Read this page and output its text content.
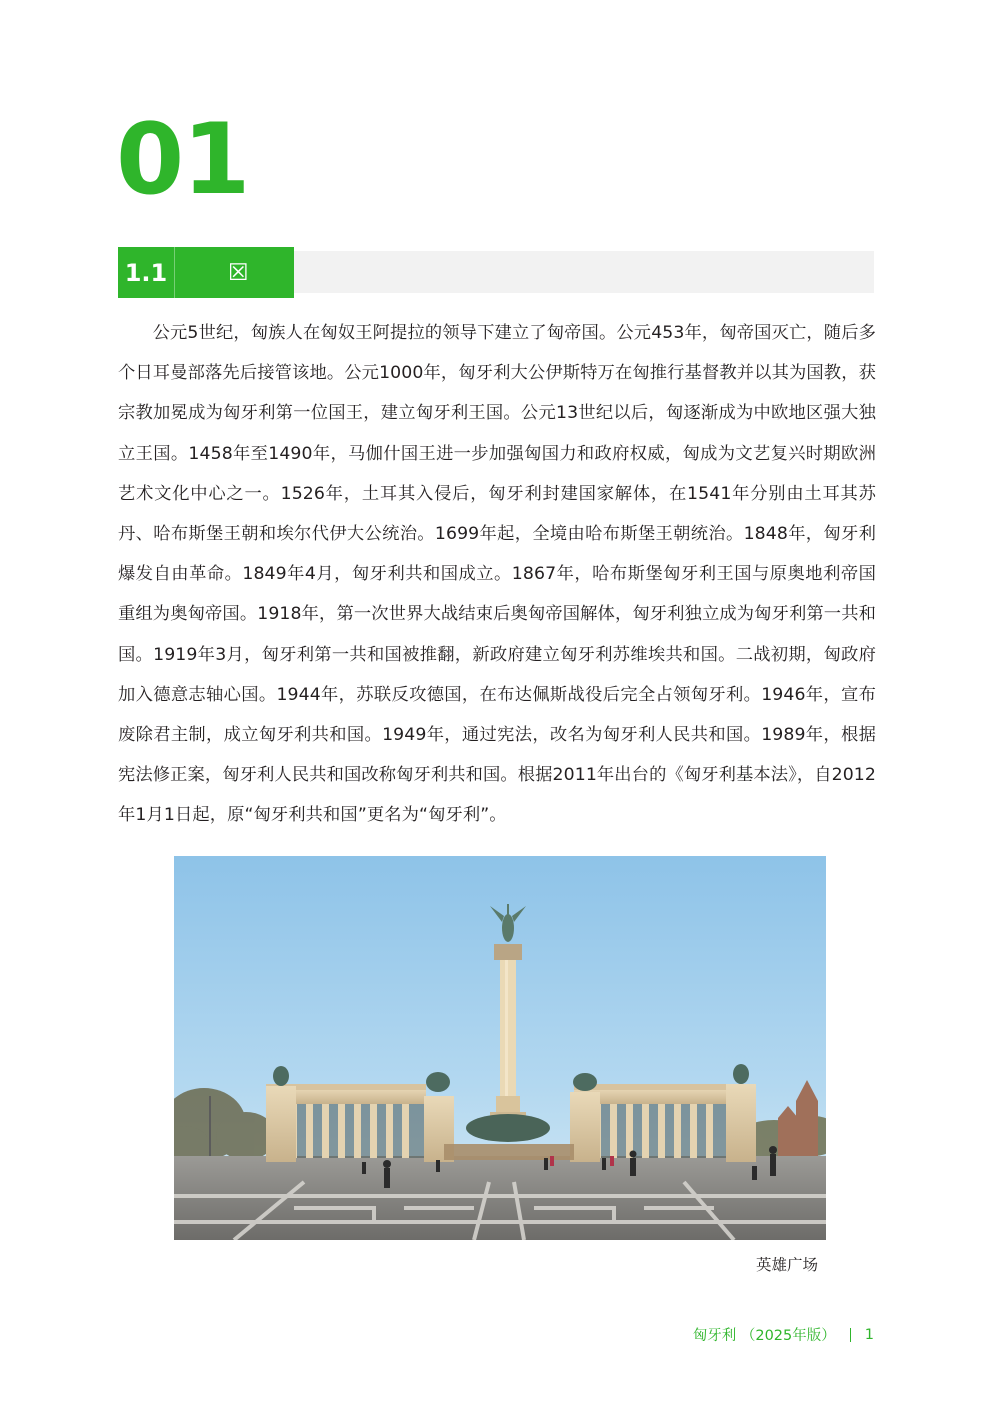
01
1.1	☒

公元5世纪，匈族人在匈奴王阿提拉的领导下建立了匈帝国。公元453年，匈帝国灭亡，随后多个日耳曼部落先后接管该地。公元1000年，匈牙利大公伊斯特万在匈推行基督教并以其为国教，获宗教加冕成为匈牙利第一位国王，建立匈牙利王国。公元13世纪以后，匈逐渐成为中欧地区强大独立王国。1458年至1490年，马伽什国王进一步加强匈国力和政府权威，匈成为文艺复兴时期欧洲艺术文化中心之一。1526年，土耳其入侵后，匈牙利封建国家解体，在1541年分别由土耳其苏丹、哈布斯堡王朝和埃尔代伊大公统治。1699年起，全境由哈布斯堡王朝统治。1848年，匈牙利爆发自由革命。1849年4月，匈牙利共和国成立。1867年，哈布斯堡匈牙利王国与原奥地利帝国重组为奥匈帝国。1918年，第一次世界大战结束后奥匈帝国解体，匈牙利独立成为匈牙利第一共和国。1919年3月，匈牙利第一共和国被推翻，新政府建立匈牙利苏维埃共和国。二战初期，匈政府加入德意志轴心国。1944年，苏联反攻德国，在布达佩斯战役后完全占领匈牙利。1946年，宣布废除君主制，成立匈牙利共和国。1949年，通过宪法，改名为匈牙利人民共和国。1989年，根据宪法修正案，匈牙利人民共和国改称匈牙利共和国。根据2011年出台的《匈牙利基本法》，自2012年1月1日起，原“匈牙利共和国”更名为“匈牙利”。

英雄广场
匈牙利 （2025年版） 1
